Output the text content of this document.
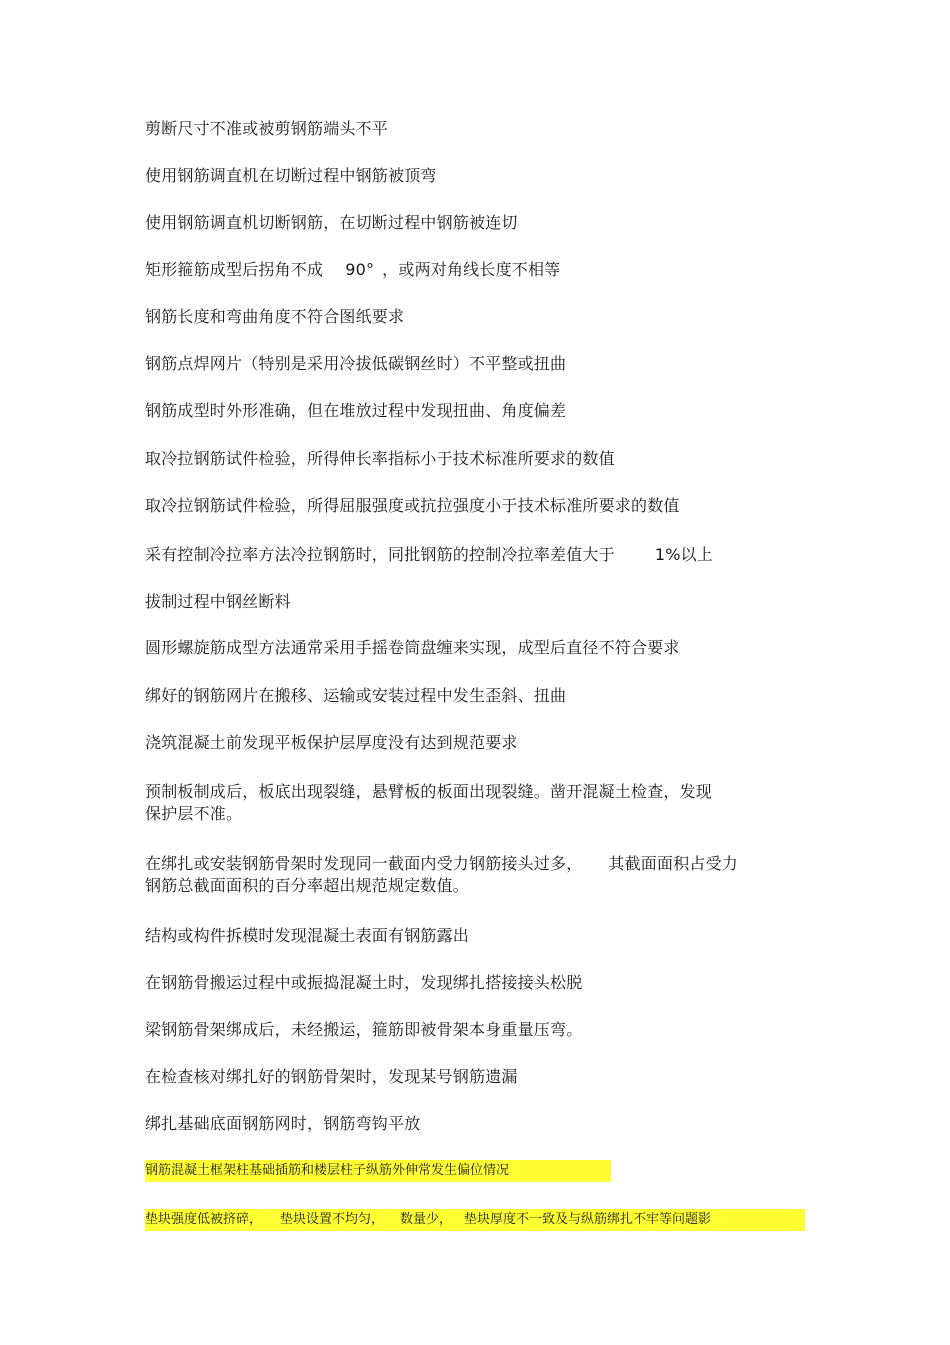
剪断尺寸不准或被剪钢筋端头不平
使用钢筋调直机在切断过程中钢筋被顶弯
使用钢筋调直机切断钢筋，在切断过程中钢筋被连切
矩形箍筋成型后拐角不成 90° ，或两对角线长度不相等
钢筋长度和弯曲角度不符合图纸要求
钢筋点焊网片（特别是采用冷拔低碳钢丝时）不平整或扭曲
钢筋成型时外形准确，但在堆放过程中发现扭曲、角度偏差
取冷拉钢筋试件检验，所得伸长率指标小于技术标准所要求的数值
取冷拉钢筋试件检验，所得屈服强度或抗拉强度小于技术标准所要求的数值
采有控制冷拉率方法冷拉钢筋时，同批钢筋的控制冷拉率差值大于	1%以上
拔制过程中钢丝断料
圆形螺旋筋成型方法通常采用手摇卷筒盘缠来实现，成型后直径不符合要求
绑好的钢筋网片在搬移、运输或安装过程中发生歪斜、扭曲
浇筑混凝土前发现平板保护层厚度没有达到规范要求
预制板制成后，板底出现裂缝，悬臂板的板面出现裂缝。凿开混凝土检查，发现
保护层不准。
在绑扎或安装钢筋骨架时发现同一截面内受力钢筋接头过多， 其截面面积占受力
钢筋总截面面积的百分率超出规范规定数值。
结构或构件拆模时发现混凝土表面有钢筋露出
在钢筋骨搬运过程中或振捣混凝土时，发现绑扎搭接接头松脱
梁钢筋骨架绑成后，未经搬运，箍筋即被骨架本身重量压弯。
在检查核对绑扎好的钢筋骨架时，发现某号钢筋遗漏
绑扎基础底面钢筋网时，钢筋弯钩平放
钢筋混凝土框架柱基础插筋和楼层柱子纵筋外伸常发生偏位情况
垫块强度低被挤碎， 垫块设置不均匀， 数量少， 垫块厚度不一致及与纵筋绑扎不牢等问题影
